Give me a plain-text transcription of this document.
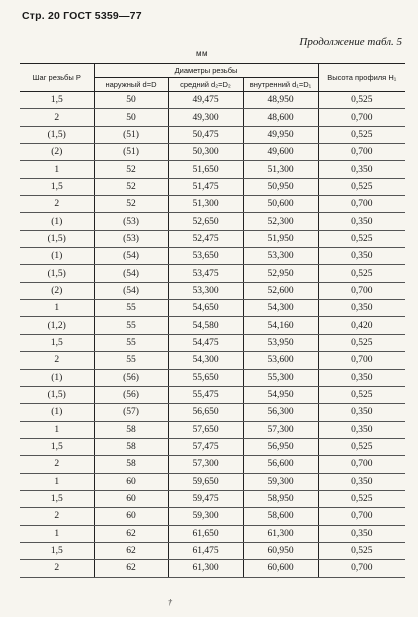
Стр. 20 ГОСТ 5359—77
Продолжение табл. 5
мм
Шаг резьбы P	Диаметры резьбы			Высота профиля H₁
	наружный d=D	средний d₂=D₂	внутренний d₁=D₁	
1,5	50	49,475	48,950	0,525
2	50	49,300	48,600	0,700
(1,5)	(51)	50,475	49,950	0,525
(2)	(51)	50,300	49,600	0,700
1	52	51,650	51,300	0,350
1,5	52	51,475	50,950	0,525
2	52	51,300	50,600	0,700
(1)	(53)	52,650	52,300	0,350
(1,5)	(53)	52,475	51,950	0,525
(1)	(54)	53,650	53,300	0,350
(1,5)	(54)	53,475	52,950	0,525
(2)	(54)	53,300	52,600	0,700
1	55	54,650	54,300	0,350
(1,2)	55	54,580	54,160	0,420
1,5	55	54,475	53,950	0,525
2	55	54,300	53,600	0,700
(1)	(56)	55,650	55,300	0,350
(1,5)	(56)	55,475	54,950	0,525
(1)	(57)	56,650	56,300	0,350
1	58	57,650	57,300	0,350
1,5	58	57,475	56,950	0,525
2	58	57,300	56,600	0,700
1	60	59,650	59,300	0,350
1,5	60	59,475	58,950	0,525
2	60	59,300	58,600	0,700
1	62	61,650	61,300	0,350
1,5	62	61,475	60,950	0,525
2	62	61,300	60,600	0,700
†
